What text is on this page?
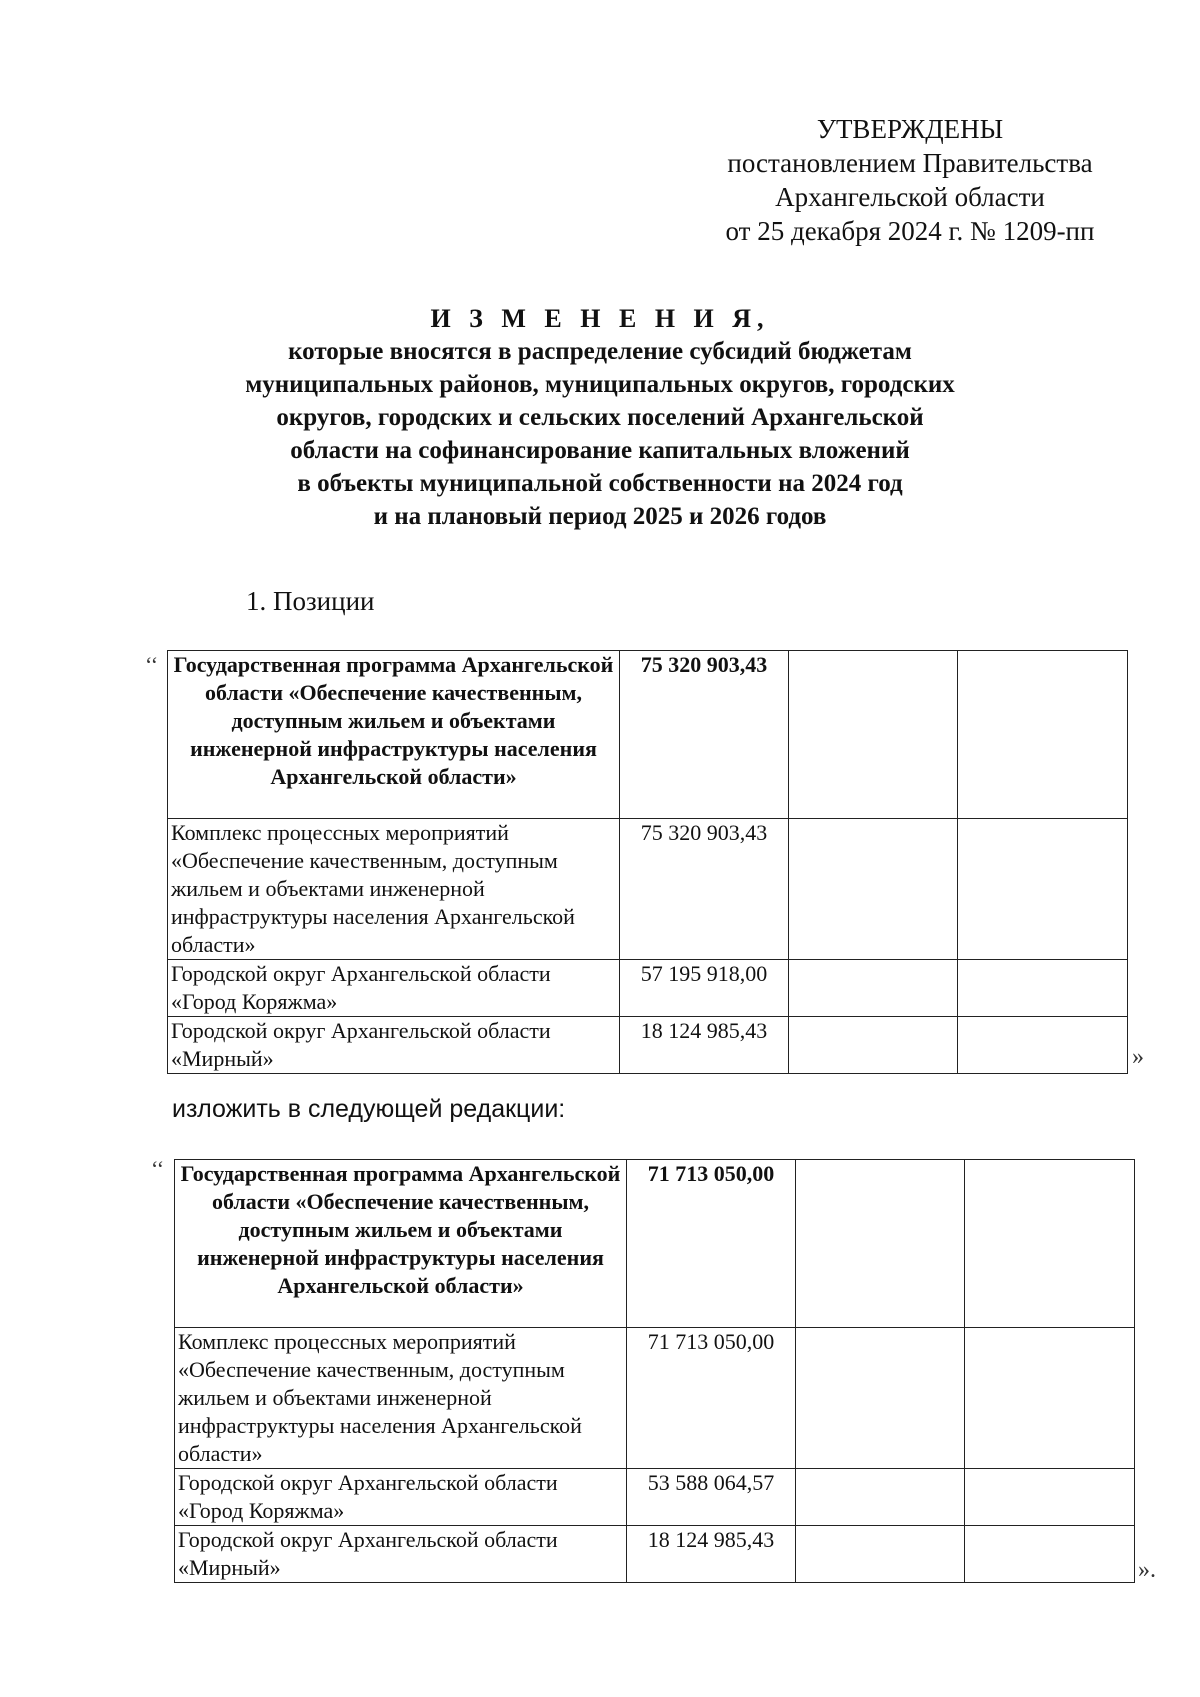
УТВЕРЖДЕНЫ
постановлением Правительства
Архангельской области
от 25 декабря 2024 г. № 1209-пп
И З М Е Н Е Н И Я,
которые вносятся в распределение субсидий бюджетам
муниципальных районов, муниципальных округов, городских
округов, городских и сельских поселений Архангельской
области на софинансирование капитальных вложений
в объекты муниципальной собственности на 2024 год
и на плановый период 2025 и 2026 годов
1. Позиции
‘‘ Государственная программа Архангельской области «Обеспечение качественным, доступным жильем и объектами инженерной инфраструктуры населения Архангельской области»	75 320 903,43		
Комплекс процессных мероприятий «Обеспечение качественным, доступным жильем и объектами инженерной инфраструктуры населения Архангельской области»	75 320 903,43		
Городской округ Архангельской области «Город Коряжма»	57 195 918,00		
Городской округ Архангельской области «Мирный»	18 124 985,43		
»
изложить в следующей редакции:
‘‘ Государственная программа Архангельской области «Обеспечение качественным, доступным жильем и объектами инженерной инфраструктуры населения Архангельской области»	71 713 050,00		
Комплекс процессных мероприятий «Обеспечение качественным, доступным жильем и объектами инженерной инфраструктуры населения Архангельской области»	71 713 050,00		
Городской округ Архангельской области «Город Коряжма»	53 588 064,57		
Городской округ Архангельской области «Мирный»	18 124 985,43		
».
